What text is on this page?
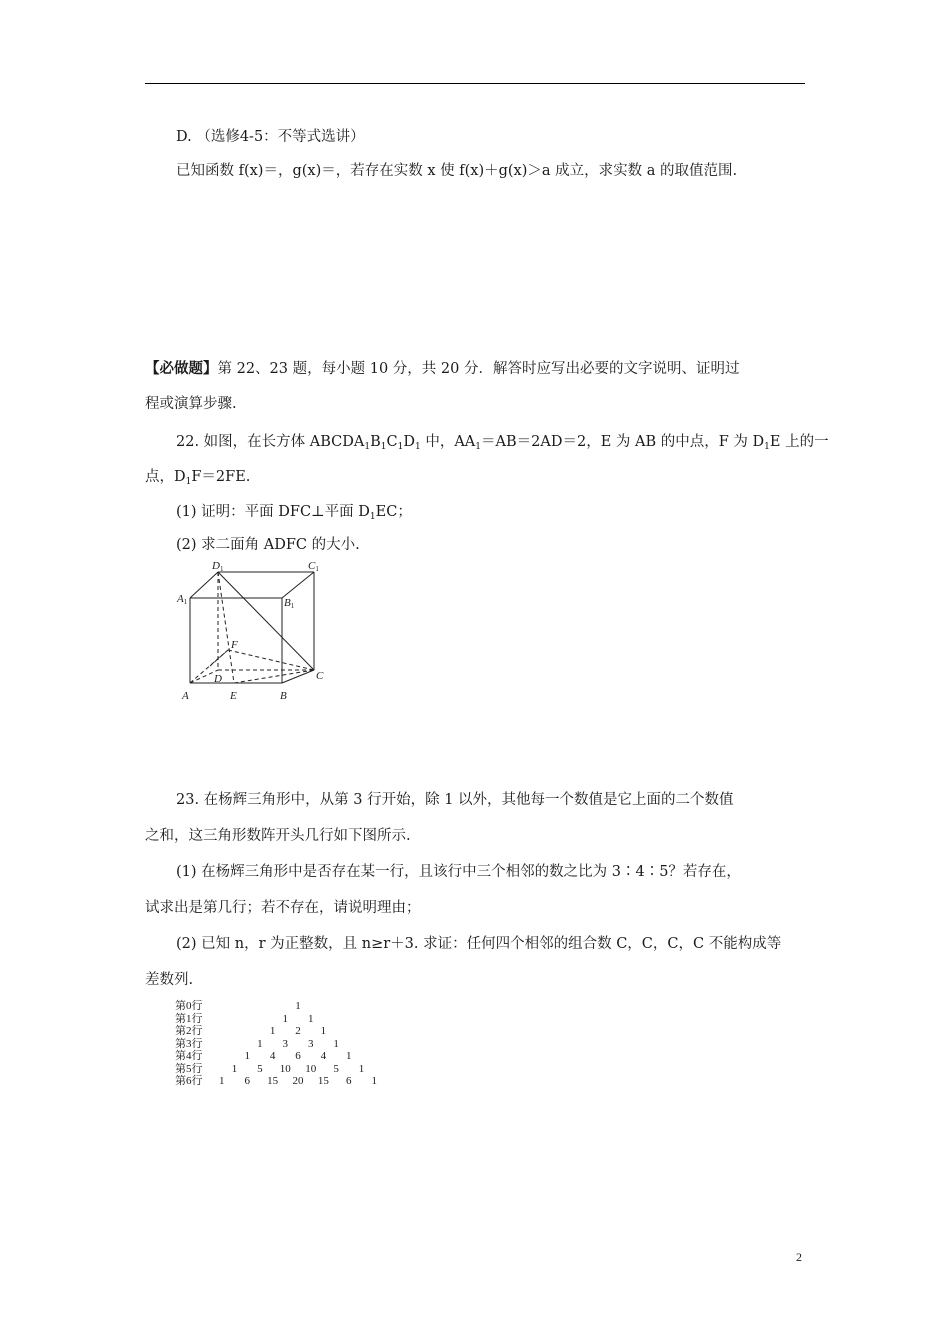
D. （选修4-5：不等式选讲）
已知函数 f(x)＝，g(x)＝，若存在实数 x 使 f(x)＋g(x)＞a 成立，求实数 a 的取值范围.
【必做题】第 22、23 题，每小题 10 分，共 20 分．解答时应写出必要的文字说明、证明过
程或演算步骤.
22. 如图，在长方体 $ABCDA_1B_1C_1D_1$ 中，$AA_1=AB=2AD=2$，E 为 AB 的中点，F 为 $D_1E$ 上的一
点，$D_1F=2FE$.
(1) 证明：平面 DFC⊥平面 $D_1EC$；
(2) 求二面角 ADFC 的大小.
D1	C1
A1	B1
F
D	C
A	E	B
23. 在杨辉三角形中，从第 3 行开始，除 1 以外，其他每一个数值是它上面的二个数值
之和，这三角形数阵开头几行如下图所示.
(1) 在杨辉三角形中是否存在某一行，且该行中三个相邻的数之比为 3∶4∶5？若存在，
试求出是第几行；若不存在，请说明理由；
(2) 已知 n，r 为正整数，且 n≥r＋3. 求证：任何四个相邻的组合数 C，C，C，C 不能构成等
差数列.
第0行	1
第1行	1 1
第2行	1 2 1
第3行	1 3 3 1
第4行	1 4 6 4 1
第5行	1 5 10 10 5 1
第6行 1 6 15 20 15 6 1
2
